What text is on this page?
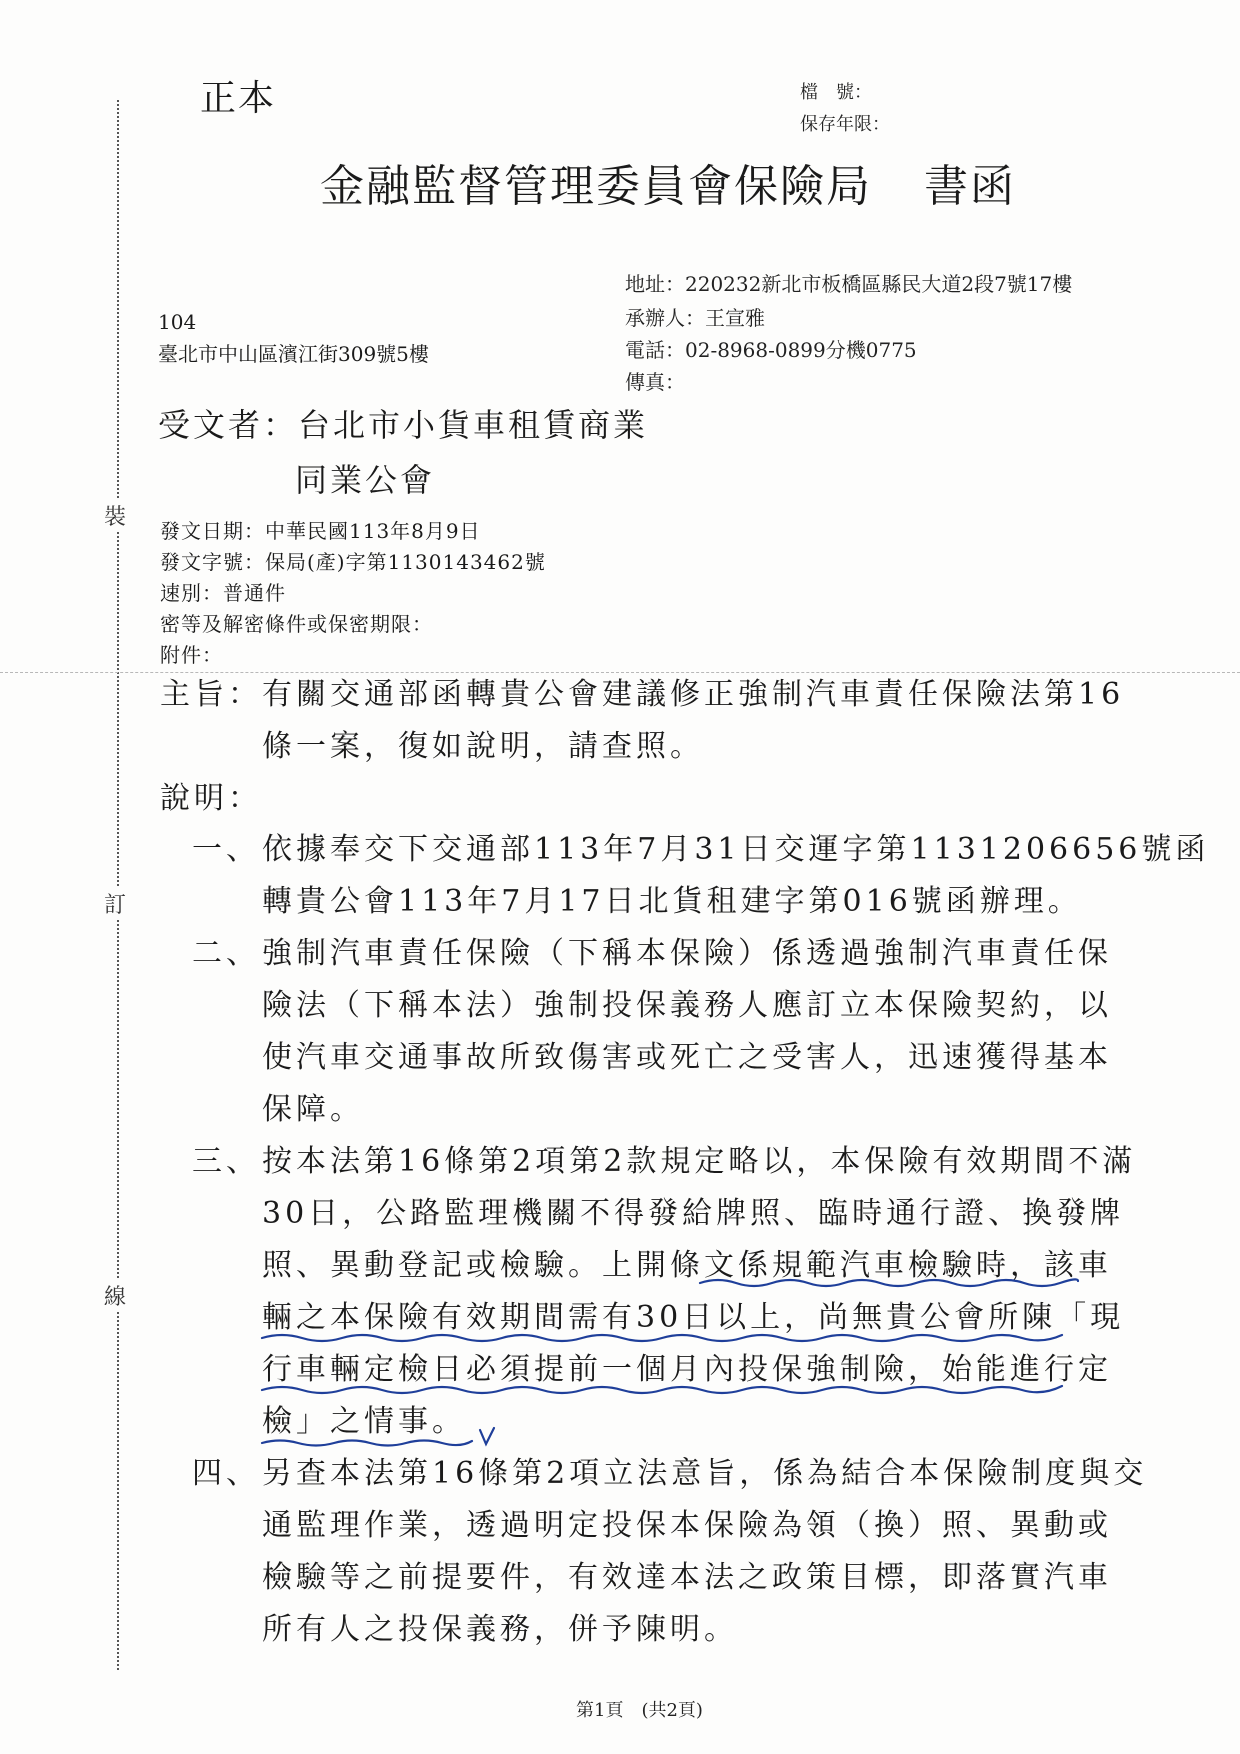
裝
訂
線
正本	檔　號：
保存年限：
金融監督管理委員會保險局 書函
地址：220232新北市板橋區縣民大道2段7號17樓
承辦人：王宣雅
電話：02-8968-0899分機0775
傳真：
104
臺北市中山區濱江街309號5樓
受文者：台北市小貨車租賃商業
同業公會
發文日期：中華民國113年8月9日
發文字號：保局(產)字第1130143462號
速別：普通件
密等及解密條件或保密期限：
附件：
主旨： 有關交通部函轉貴公會建議修正強制汽車責任保險法第16
條一案，復如說明，請查照。
說明：
一、 依據奉交下交通部113年7月31日交運字第1131206656號函
轉貴公會113年7月17日北貨租建字第016號函辦理。
二、 強制汽車責任保險（下稱本保險）係透過強制汽車責任保
險法（下稱本法）強制投保義務人應訂立本保險契約，以
使汽車交通事故所致傷害或死亡之受害人，迅速獲得基本
保障。
三、 按本法第16條第2項第2款規定略以，本保險有效期間不滿
30日，公路監理機關不得發給牌照、臨時通行證、換發牌
照、異動登記或檢驗。上開條文係規範汽車檢驗時，該車
輛之本保險有效期間需有30日以上，尚無貴公會所陳「現
行車輛定檢日必須提前一個月內投保強制險，始能進行定
檢」之情事。
四、 另查本法第16條第2項立法意旨，係為結合本保險制度與交
通監理作業，透過明定投保本保險為領（換）照、異動或
檢驗等之前提要件，有效達本法之政策目標，即落實汽車
所有人之投保義務，併予陳明。
第1頁　(共2頁)
